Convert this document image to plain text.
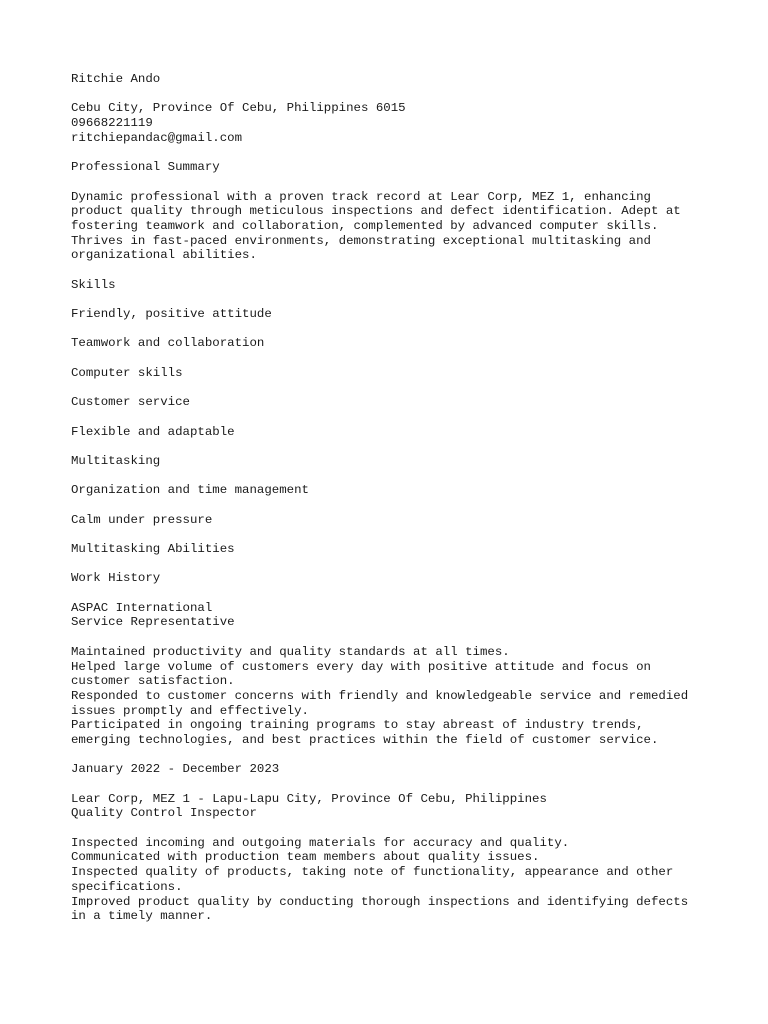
Ritchie Ando
Cebu City, Province Of Cebu, Philippines 6015
09668221119
ritchiepandac@gmail.com
Professional Summary
Dynamic professional with a proven track record at Lear Corp, MEZ 1, enhancing
product quality through meticulous inspections and defect identification. Adept at
fostering teamwork and collaboration, complemented by advanced computer skills.
Thrives in fast-paced environments, demonstrating exceptional multitasking and
organizational abilities.
Skills
Friendly, positive attitude
Teamwork and collaboration
Computer skills
Customer service
Flexible and adaptable
Multitasking
Organization and time management
Calm under pressure
Multitasking Abilities
Work History
ASPAC International
Service Representative
Maintained productivity and quality standards at all times.
Helped large volume of customers every day with positive attitude and focus on
customer satisfaction.
Responded to customer concerns with friendly and knowledgeable service and remedied
issues promptly and effectively.
Participated in ongoing training programs to stay abreast of industry trends,
emerging technologies, and best practices within the field of customer service.
January 2022 - December 2023
Lear Corp, MEZ 1 - Lapu-Lapu City, Province Of Cebu, Philippines
Quality Control Inspector
Inspected incoming and outgoing materials for accuracy and quality.
Communicated with production team members about quality issues.
Inspected quality of products, taking note of functionality, appearance and other
specifications.
Improved product quality by conducting thorough inspections and identifying defects
in a timely manner.
